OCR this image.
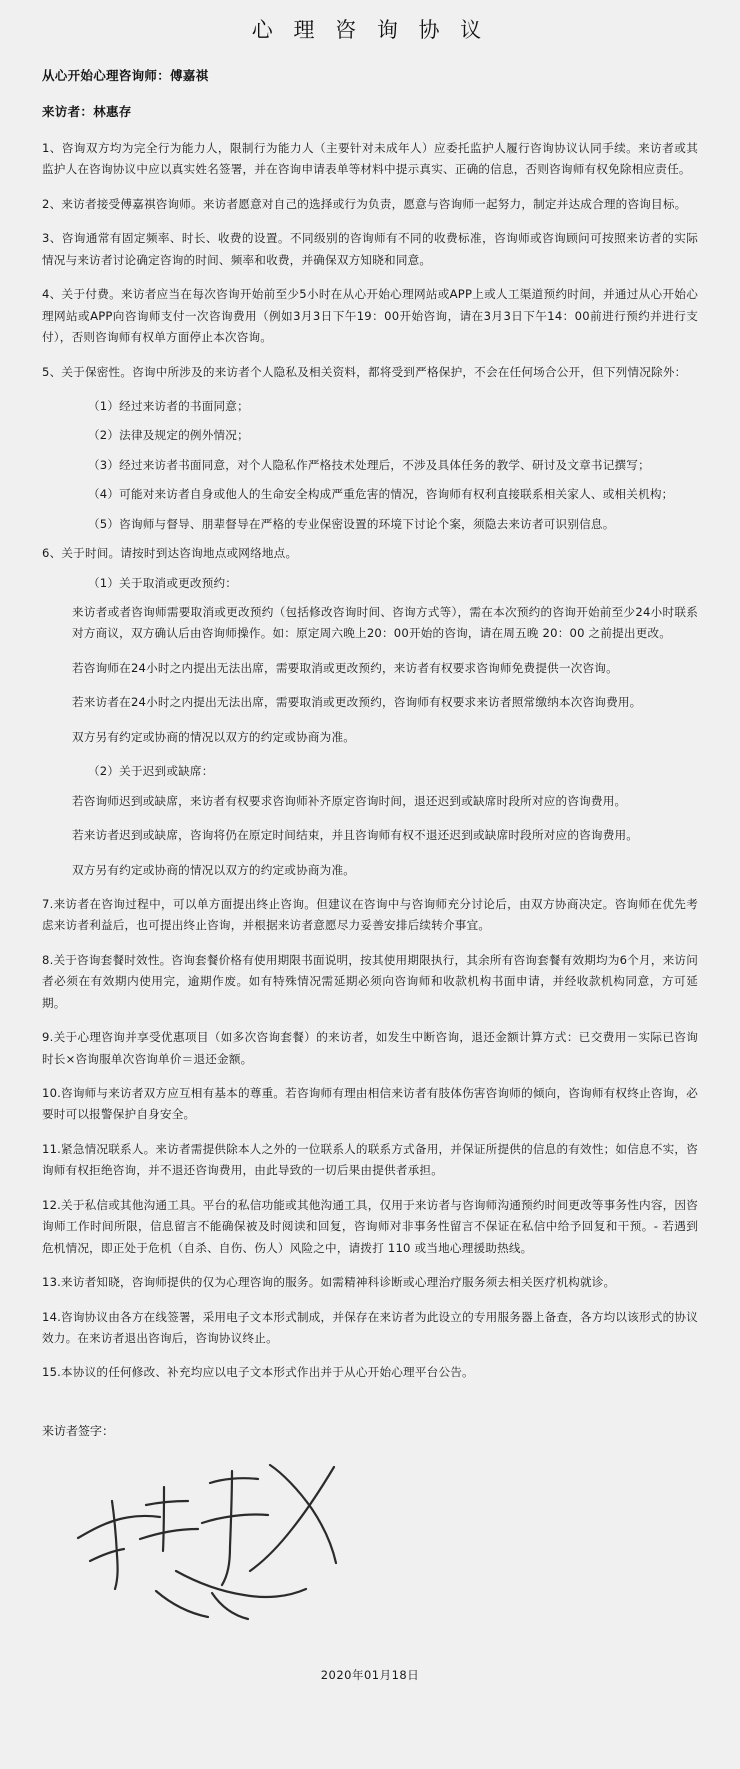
心 理 咨 询 协 议
从心开始心理咨询师：傅嘉祺
来访者：林惠存

1、咨询双方均为完全行为能力人，限制行为能力人（主要针对未成年人）应委托监护人履行咨询协议认同手续。来访者或其监护人在咨询协议中应以真实姓名签署，并在咨询申请表单等材料中提示真实、正确的信息，否则咨询师有权免除相应责任。

2、来访者接受傅嘉祺咨询师。来访者愿意对自己的选择或行为负责，愿意与咨询师一起努力，制定并达成合理的咨询目标。

3、咨询通常有固定频率、时长、收费的设置。不同级别的咨询师有不同的收费标准，咨询师或咨询顾问可按照来访者的实际情况与来访者讨论确定咨询的时间、频率和收费，并确保双方知晓和同意。

4、关于付费。来访者应当在每次咨询开始前至少5小时在从心开始心理网站或APP上或人工渠道预约时间，并通过从心开始心理网站或APP向咨询师支付一次咨询费用（例如3月3日下午19：00开始咨询，请在3月3日下午14：00前进行预约并进行支付），否则咨询师有权单方面停止本次咨询。

5、关于保密性。咨询中所涉及的来访者个人隐私及相关资料，都将受到严格保护，不会在任何场合公开，但下列情况除外：

（1）经过来访者的书面同意；

（2）法律及规定的例外情况；

（3）经过来访者书面同意，对个人隐私作严格技术处理后，不涉及具体任务的教学、研讨及文章书记撰写；

（4）可能对来访者自身或他人的生命安全构成严重危害的情况，咨询师有权利直接联系相关家人、或相关机构；

（5）咨询师与督导、朋辈督导在严格的专业保密设置的环境下讨论个案，须隐去来访者可识别信息。

6、关于时间。请按时到达咨询地点或网络地点。

（1）关于取消或更改预约：

来访者或者咨询师需要取消或更改预约（包括修改咨询时间、咨询方式等），需在本次预约的咨询开始前至少24小时联系对方商议，双方确认后由咨询师操作。如：原定周六晚上20：00开始的咨询，请在周五晚 20：00 之前提出更改。

若咨询师在24小时之内提出无法出席，需要取消或更改预约，来访者有权要求咨询师免费提供一次咨询。

若来访者在24小时之内提出无法出席，需要取消或更改预约，咨询师有权要求来访者照常缴纳本次咨询费用。

双方另有约定或协商的情况以双方的约定或协商为准。

（2）关于迟到或缺席：

若咨询师迟到或缺席，来访者有权要求咨询师补齐原定咨询时间，退还迟到或缺席时段所对应的咨询费用。

若来访者迟到或缺席，咨询将仍在原定时间结束，并且咨询师有权不退还迟到或缺席时段所对应的咨询费用。

双方另有约定或协商的情况以双方的约定或协商为准。

7.来访者在咨询过程中，可以单方面提出终止咨询。但建议在咨询中与咨询师充分讨论后，由双方协商决定。咨询师在优先考虑来访者利益后，也可提出终止咨询，并根据来访者意愿尽力妥善安排后续转介事宜。

8.关于咨询套餐时效性。咨询套餐价格有使用期限书面说明，按其使用期限执行，其余所有咨询套餐有效期均为6个月，来访问者必须在有效期内使用完，逾期作废。如有特殊情况需延期必须向咨询师和收款机构书面申请，并经收款机构同意，方可延期。

9.关于心理咨询并享受优惠项目（如多次咨询套餐）的来访者，如发生中断咨询，退还金额计算方式：已交费用－实际已咨询时长×咨询服单次咨询单价＝退还金额。

10.咨询师与来访者双方应互相有基本的尊重。若咨询师有理由相信来访者有肢体伤害咨询师的倾向，咨询师有权终止咨询，必要时可以报警保护自身安全。

11.紧急情况联系人。来访者需提供除本人之外的一位联系人的联系方式备用，并保证所提供的信息的有效性；如信息不实，咨询师有权拒绝咨询，并不退还咨询费用，由此导致的一切后果由提供者承担。

12.关于私信或其他沟通工具。平台的私信功能或其他沟通工具，仅用于来访者与咨询师沟通预约时间更改等事务性内容，因咨询师工作时间所限，信息留言不能确保被及时阅读和回复，咨询师对非事务性留言不保证在私信中给予回复和干预。- 若遇到危机情况，即正处于危机（自杀、自伤、伤人）风险之中，请拨打 110 或当地心理援助热线。

13.来访者知晓，咨询师提供的仅为心理咨询的服务。如需精神科诊断或心理治疗服务须去相关医疗机构就诊。

14.咨询协议由各方在线签署，采用电子文本形式制成，并保存在来访者为此设立的专用服务器上备查，各方均以该形式的协议效力。在来访者退出咨询后，咨询协议终止。

15.本协议的任何修改、补充均应以电子文本形式作出并于从心开始心理平台公告。

来访者签字：
2020年01月18日
